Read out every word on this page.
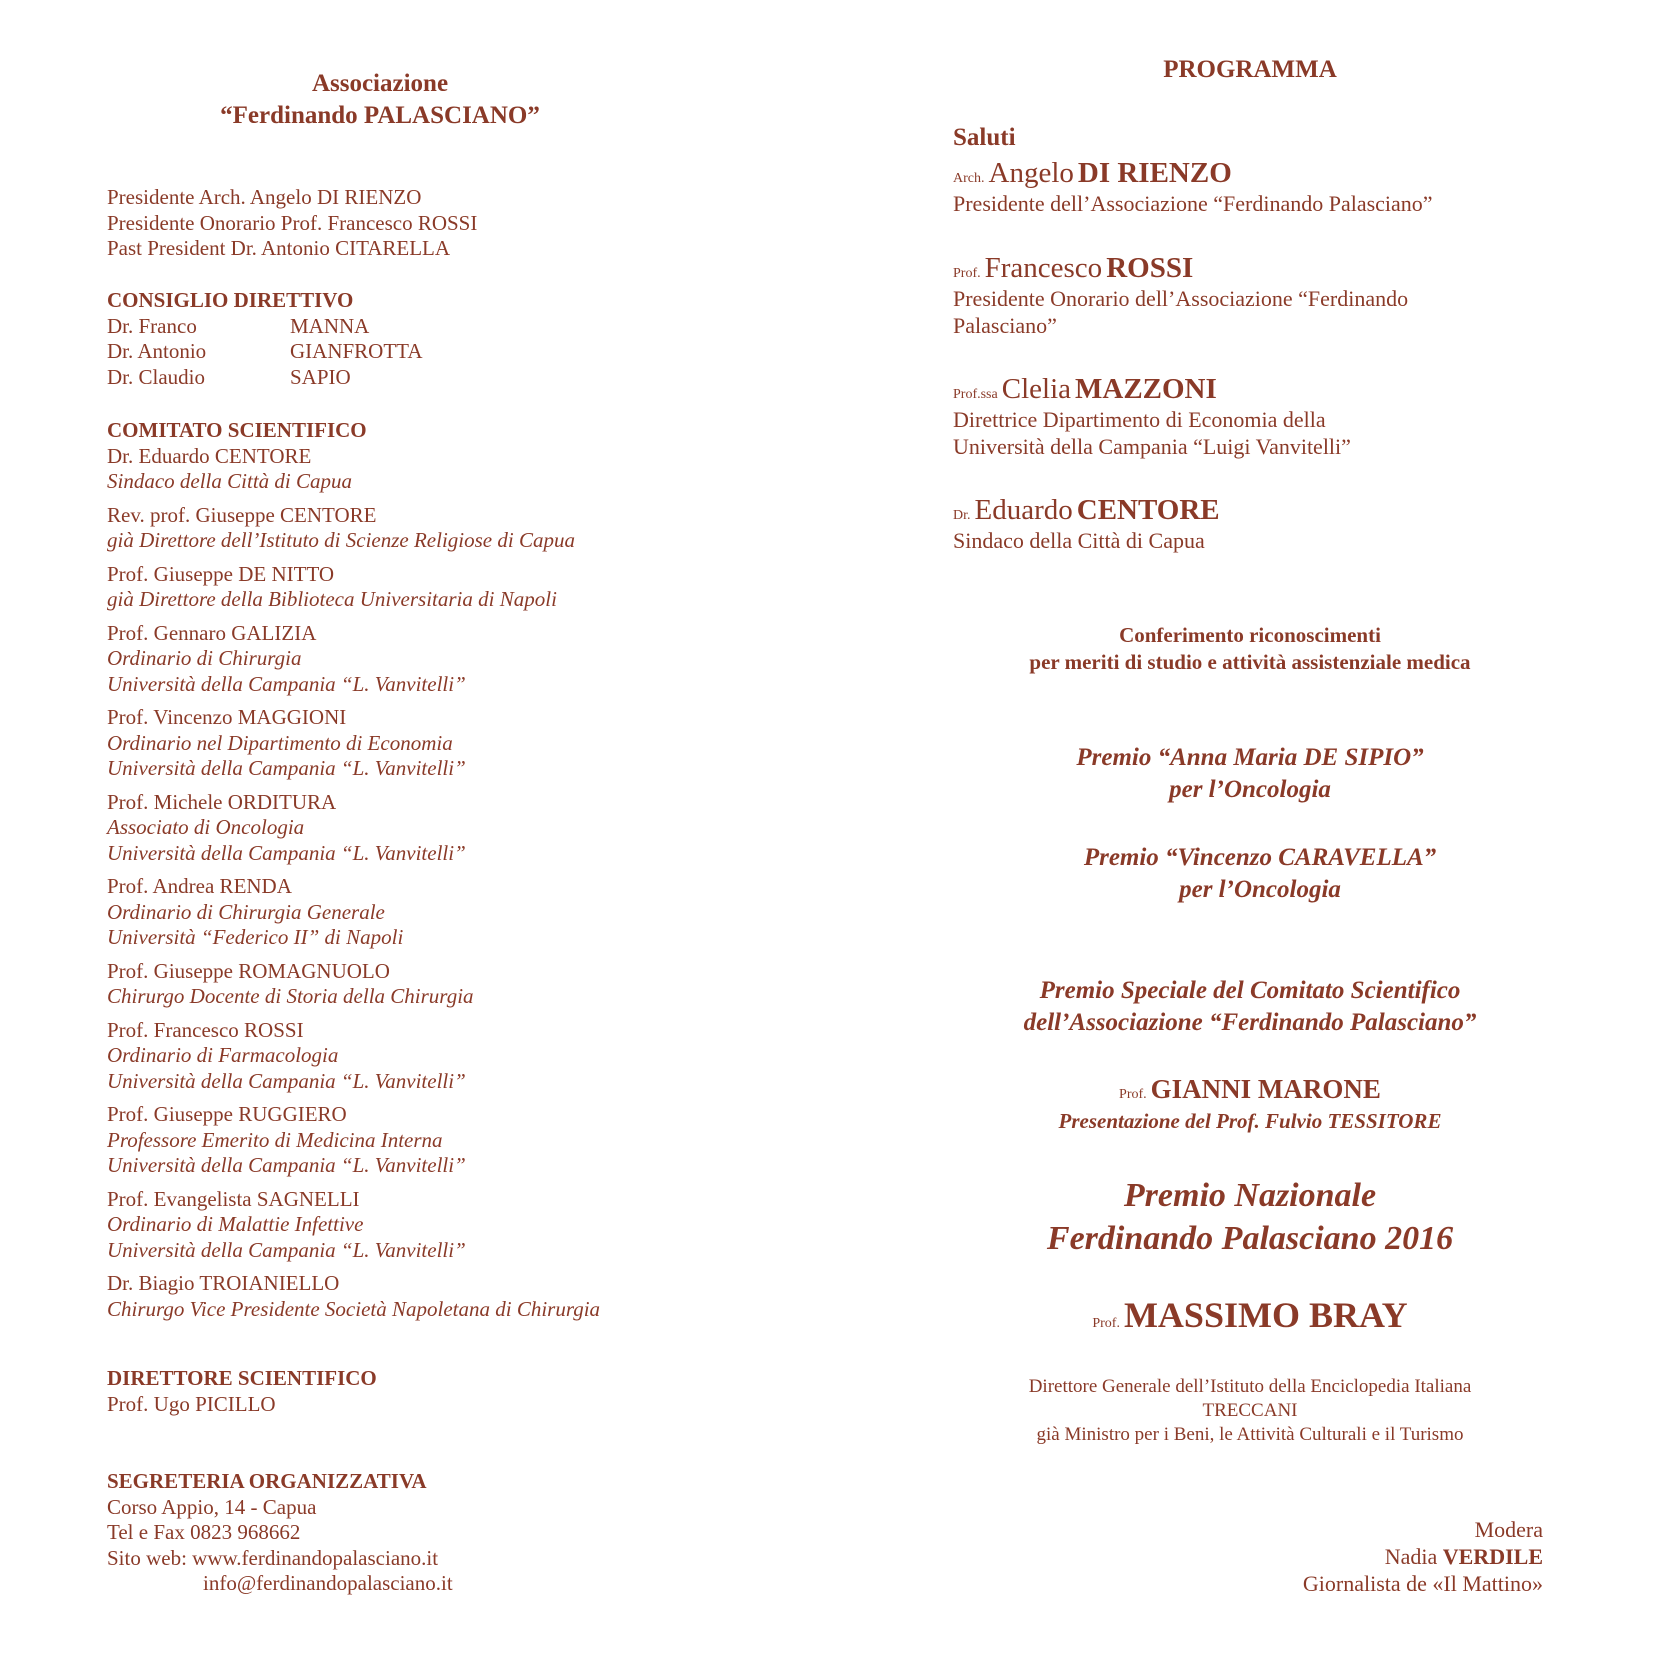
Associazione
“Ferdinando PALASCIANO”
Presidente Arch. Angelo DI RIENZO
Presidente Onorario Prof. Francesco ROSSI
Past President Dr. Antonio CITARELLA
CONSIGLIO DIRETTIVO
Dr. Franco	MANNA
Dr. Antonio	GIANFROTTA
Dr. Claudio	SAPIO
COMITATO SCIENTIFICO
Dr. Eduardo CENTORE
Sindaco della Città di Capua
Rev. prof. Giuseppe CENTORE
già Direttore dell’Istituto di Scienze Religiose di Capua
Prof. Giuseppe DE NITTO
già Direttore della Biblioteca Universitaria di Napoli
Prof. Gennaro GALIZIA
Ordinario di Chirurgia
Università della Campania “L. Vanvitelli”
Prof. Vincenzo MAGGIONI
Ordinario nel Dipartimento di Economia
Università della Campania “L. Vanvitelli”
Prof. Michele ORDITURA
Associato di Oncologia
Università della Campania “L. Vanvitelli”
Prof. Andrea RENDA
Ordinario di Chirurgia Generale
Università “Federico II” di Napoli
Prof. Giuseppe ROMAGNUOLO
Chirurgo Docente di Storia della Chirurgia
Prof. Francesco ROSSI
Ordinario di Farmacologia
Università della Campania “L. Vanvitelli”
Prof. Giuseppe RUGGIERO
Professore Emerito di Medicina Interna
Università della Campania “L. Vanvitelli”
Prof. Evangelista SAGNELLI
Ordinario di Malattie Infettive
Università della Campania “L. Vanvitelli”
Dr. Biagio TROIANIELLO
Chirurgo Vice Presidente Società Napoletana di Chirurgia
DIRETTORE SCIENTIFICO
Prof. Ugo PICILLO
SEGRETERIA ORGANIZZATIVA
Corso Appio, 14 - Capua
Tel e Fax 0823 968662
Sito web: www.ferdinandopalasciano.it
info@ferdinandopalasciano.it
PROGRAMMA
Saluti
Arch. Angelo DI RIENZO
Presidente dell’Associazione “Ferdinando Palasciano”
Prof. Francesco ROSSI
Presidente Onorario dell’Associazione “Ferdinando
Palasciano”
Prof.ssa Clelia MAZZONI
Direttrice Dipartimento di Economia della
Università della Campania “Luigi Vanvitelli”
Dr. Eduardo CENTORE
Sindaco della Città di Capua
Conferimento riconoscimenti
per meriti di studio e attività assistenziale medica
Premio “Anna Maria DE SIPIO”
per l’Oncologia
Premio “Vincenzo CARAVELLA”
per l’Oncologia
Premio Speciale del Comitato Scientifico
dell’Associazione “Ferdinando Palasciano”
Prof. GIANNI MARONE
Presentazione del Prof. Fulvio TESSITORE
Premio Nazionale
Ferdinando Palasciano 2016
Prof. MASSIMO BRAY
Direttore Generale dell’Istituto della Enciclopedia Italiana
TRECCANI
già Ministro per i Beni, le Attività Culturali e il Turismo
Modera
Nadia VERDILE
Giornalista de «Il Mattino»
